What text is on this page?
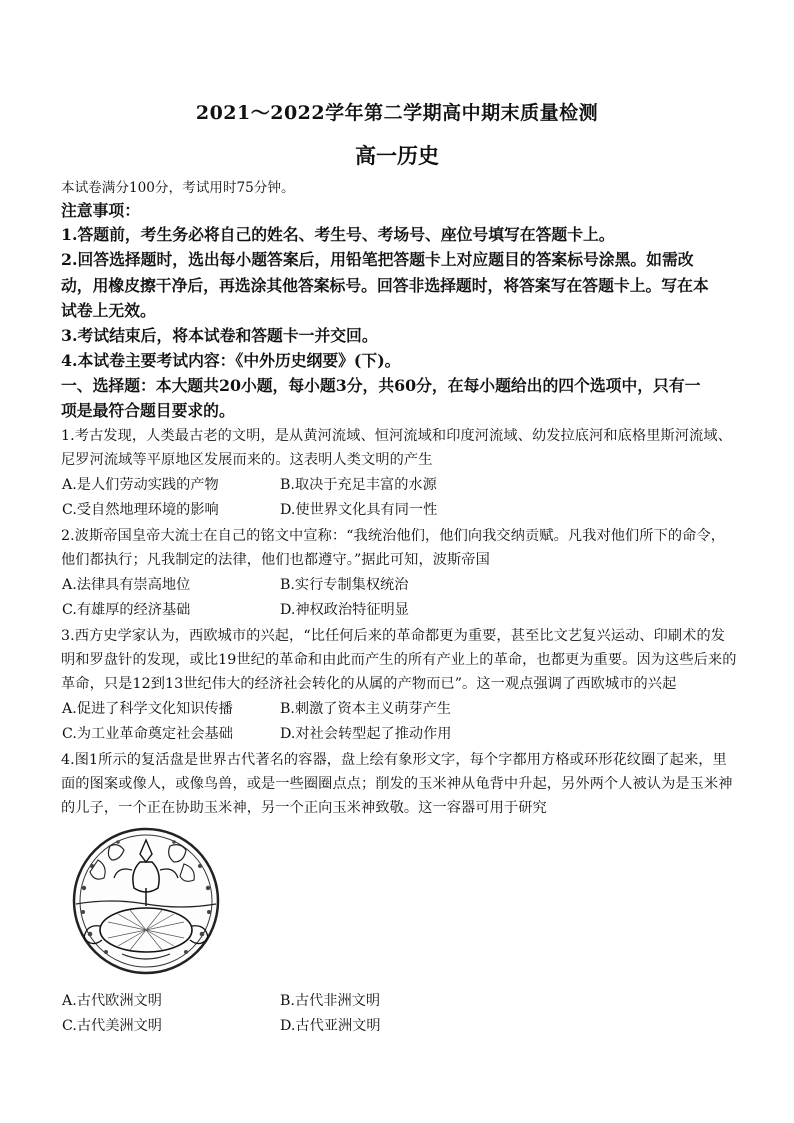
2021～2022学年第二学期高中期末质量检测
高一历史
本试卷满分100分，考试用时75分钟。
注意事项：
1.答题前，考生务必将自己的姓名、考生号、考场号、座位号填写在答题卡上。
2.回答选择题时，选出每小题答案后，用铅笔把答题卡上对应题目的答案标号涂黑。如需改
动，用橡皮擦干净后，再选涂其他答案标号。回答非选择题时，将答案写在答题卡上。写在本
试卷上无效。
3.考试结束后，将本试卷和答题卡一并交回。
4.本试卷主要考试内容：《中外历史纲要》(下)。
一、选择题：本大题共20小题，每小题3分，共60分，在每小题给出的四个选项中，只有一
项是最符合题目要求的。
1.考古发现，人类最古老的文明，是从黄河流域、恒河流域和印度河流域、幼发拉底河和底格里斯河流域、
尼罗河流域等平原地区发展而来的。这表明人类文明的产生
A.是人们劳动实践的产物	B.取决于充足丰富的水源
C.受自然地理环境的影响	D.使世界文化具有同一性
2.波斯帝国皇帝大流士在自己的铭文中宣称：“我统治他们，他们向我交纳贡赋。凡我对他们所下的命令，
他们都执行；凡我制定的法律，他们也都遵守。”据此可知，波斯帝国
A.法律具有崇高地位	B.实行专制集权统治
C.有雄厚的经济基础	D.神权政治特征明显
3.西方史学家认为，西欧城市的兴起，“比任何后来的革命都更为重要，甚至比文艺复兴运动、印刷术的发
明和罗盘针的发现，或比19世纪的革命和由此而产生的所有产业上的革命，也都更为重要。因为这些后来的
革命，只是12到13世纪伟大的经济社会转化的从属的产物而已”。这一观点强调了西欧城市的兴起
A.促进了科学文化知识传播	B.刺激了资本主义萌芽产生
C.为工业革命奠定社会基础	D.对社会转型起了推动作用
4.图1所示的复活盘是世界古代著名的容器，盘上绘有象形文字，每个字都用方格或环形花纹圈了起来，里
面的图案或像人，或像鸟兽，或是一些圈圈点点；削发的玉米神从龟背中升起，另外两个人被认为是玉米神
的儿子，一个正在协助玉米神，另一个正向玉米神致敬。这一容器可用于研究
A.古代欧洲文明	B.古代非洲文明
C.古代美洲文明	D.古代亚洲文明
